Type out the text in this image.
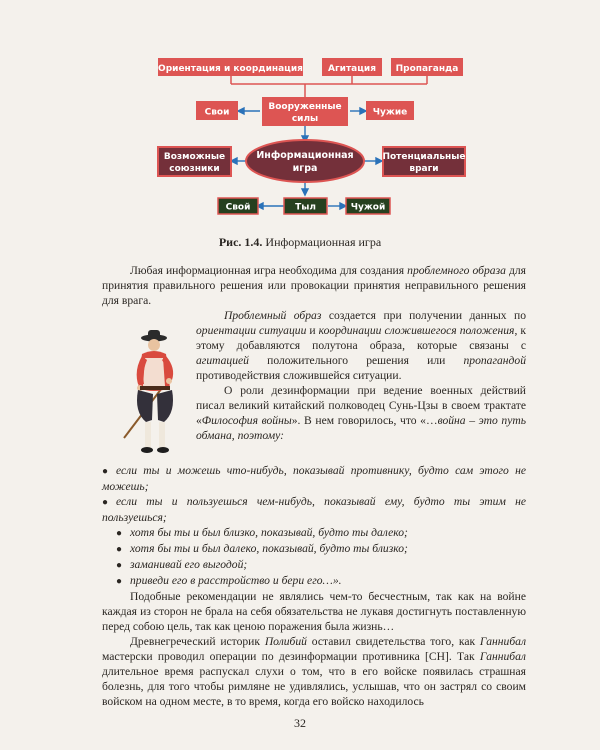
Ориентация и координация	Агитация Пропаганда
Свои
Вооруженные
силы
Чужие
Возможные
союзники
Информационная
игра
Потенциальные
враги
Свой	Тыл	Чужой
Рис. 1.4. Информационная игра

Любая информационная игра необходима для создания проблемного образа для принятия правильного решения или провокации принятия неправильного решения для врага.

Проблемный образ создается при получении данных по ориентации ситуации и координации сложившегося положения, к этому добавляются полутона образа, которые связаны с агитацией положительного решения или пропагандой противодействия сложившейся ситуации.

О роли дезинформации при ведение военных действий писал великий китайский полководец Сунь-Цзы в своем трактате «Философия войны». В нем говорилось, что «…война – это путь обмана, поэтому:

● если ты и можешь что-нибудь, показывай противнику, будто сам этого не можешь;

● если ты и пользуешься чем-нибудь, показывай ему, будто ты этим не пользуешься;

● хотя бы ты и был близко, показывай, будто ты далеко;

● хотя бы ты и был далеко, показывай, будто ты близко;

● заманивай его выгодой;

● приведи его в расстройство и бери его…».

Подобные рекомендации не являлись чем-то бесчестным, так как на войне каждая из сторон не брала на себя обязательства не лукавя достигнуть поставленную перед собою цель, так как ценою поражения была жизнь…

Древнегреческий историк Полибий оставил свидетельства того, как Ганнибал мастерски проводил операции по дезинформации противника [СН]. Так Ганнибал длительное время распускал слухи о том, что в его войске появилась страшная болезнь, для того чтобы римляне не удивлялись, услышав, что он застрял со своим войском на одном месте, в то время, когда его войско находилось

32
